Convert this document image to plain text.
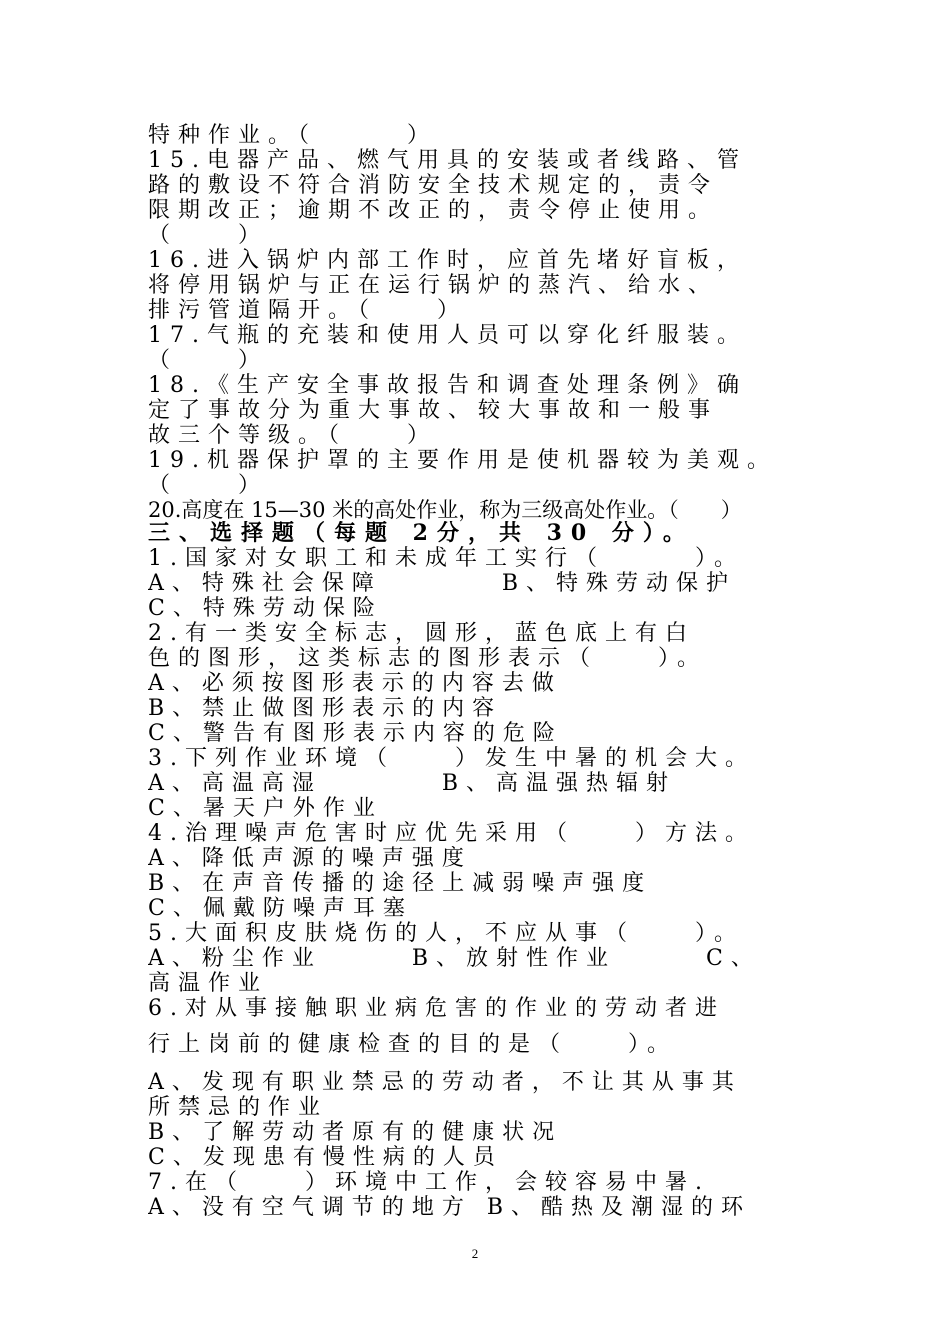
特种作业。（　　　）
15.电器产品、燃气用具的安装或者线路、管
路的敷设不符合消防安全技术规定的，责令
限期改正；逾期不改正的，责令停止使用。
（　　）
16.进入锅炉内部工作时，应首先堵好盲板，
将停用锅炉与正在运行锅炉的蒸汽、给水、
排污管道隔开。（　　）
17.气瓶的充装和使用人员可以穿化纤服装。
（　　）
18.《生产安全事故报告和调查处理条例》确
定了事故分为重大事故、较大事故和一般事
故三个等级。（　　）
19.机器保护罩的主要作用是使机器较为美观。
（　　）
20.高度在 15—30 米的高处作业，称为三级高处作业。（　　）
三、选择题（每题 2分，共 30 分）。
1.国家对女职工和未成年工实行（　　　）。
A、特殊社会保障　　　　B、特殊劳动保护
C、特殊劳动保险
2.有一类安全标志，圆形，蓝色底上有白
色的图形，这类标志的图形表示（　　）。
A、必须按图形表示的内容去做
B、禁止做图形表示的内容
C、警告有图形表示内容的危险
3.下列作业环境（　　）发生中暑的机会大。
A、高温高湿　　　　B、高温强热辐射
C、暑天户外作业
4.治理噪声危害时应优先采用（　　）方法。
A、降低声源的噪声强度
B、在声音传播的途径上减弱噪声强度
C、佩戴防噪声耳塞
5.大面积皮肤烧伤的人，不应从事（　　）。
A、粉尘作业　　　B、放射性作业　　　C、
高温作业
6.对从事接触职业病危害的作业的劳动者进
行上岗前的健康检查的目的是（　　）。
A、发现有职业禁忌的劳动者，不让其从事其
所禁忌的作业
B、了解劳动者原有的健康状况
C、发现患有慢性病的人员
7.在（　　）环境中工作，会较容易中暑.
A、没有空气调节的地方 B、酷热及潮湿的环
2
